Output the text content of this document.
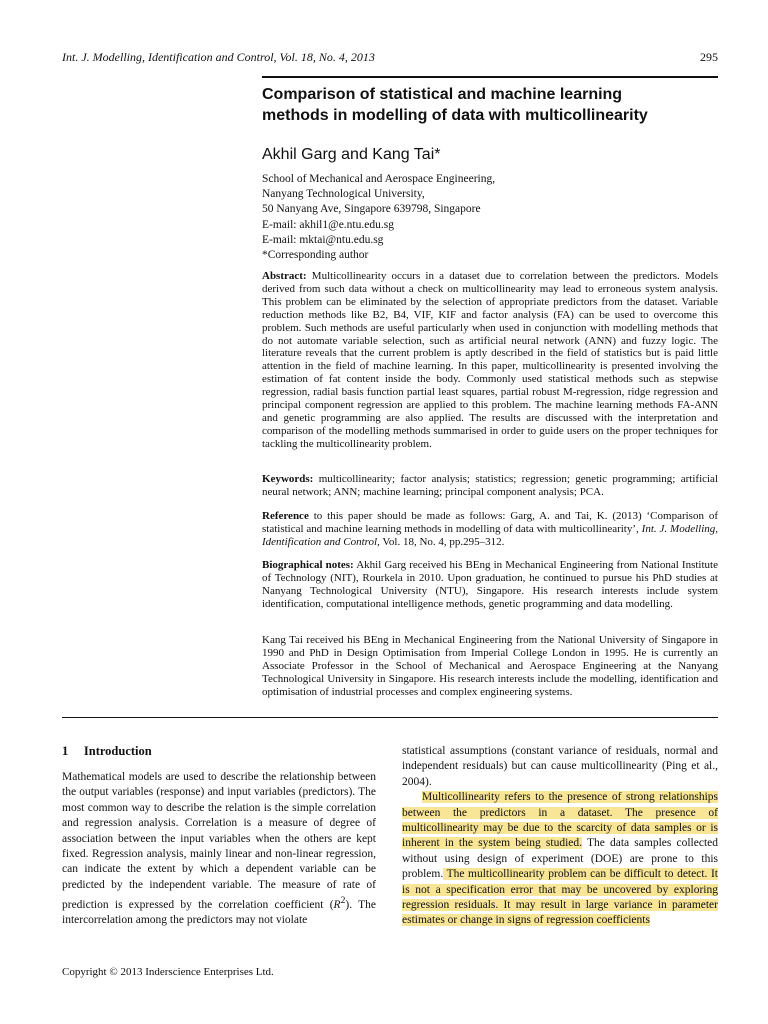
Int. J. Modelling, Identification and Control, Vol. 18, No. 4, 2013	295
Comparison of statistical and machine learning
methods in modelling of data with multicollinearity
Akhil Garg and Kang Tai*
School of Mechanical and Aerospace Engineering,
Nanyang Technological University,
50 Nanyang Ave, Singapore 639798, Singapore
E-mail: akhil1@e.ntu.edu.sg
E-mail: mktai@ntu.edu.sg
*Corresponding author
Abstract: Multicollinearity occurs in a dataset due to correlation between the predictors. Models derived from such data without a check on multicollinearity may lead to erroneous system analysis. This problem can be eliminated by the selection of appropriate predictors from the dataset. Variable reduction methods like B2, B4, VIF, KIF and factor analysis (FA) can be used to overcome this problem. Such methods are useful particularly when used in conjunction with modelling methods that do not automate variable selection, such as artificial neural network (ANN) and fuzzy logic. The literature reveals that the current problem is aptly described in the field of statistics but is paid little attention in the field of machine learning. In this paper, multicollinearity is presented involving the estimation of fat content inside the body. Commonly used statistical methods such as stepwise regression, radial basis function partial least squares, partial robust M-regression, ridge regression and principal component regression are applied to this problem. The machine learning methods FA-ANN and genetic programming are also applied. The results are discussed with the interpretation and comparison of the modelling methods summarised in order to guide users on the proper techniques for tackling the multicollinearity problem.
Keywords: multicollinearity; factor analysis; statistics; regression; genetic programming; artificial neural network; ANN; machine learning; principal component analysis; PCA.
Reference to this paper should be made as follows: Garg, A. and Tai, K. (2013) ‘Comparison of statistical and machine learning methods in modelling of data with multicollinearity’, Int. J. Modelling, Identification and Control, Vol. 18, No. 4, pp.295–312.
Biographical notes: Akhil Garg received his BEng in Mechanical Engineering from National Institute of Technology (NIT), Rourkela in 2010. Upon graduation, he continued to pursue his PhD studies at Nanyang Technological University (NTU), Singapore. His research interests include system identification, computational intelligence methods, genetic programming and data modelling.
Kang Tai received his BEng in Mechanical Engineering from the National University of Singapore in 1990 and PhD in Design Optimisation from Imperial College London in 1995. He is currently an Associate Professor in the School of Mechanical and Aerospace Engineering at the Nanyang Technological University in Singapore. His research interests include the modelling, identification and optimisation of industrial processes and complex engineering systems.
1 Introduction
Mathematical models are used to describe the relationship between the output variables (response) and input variables (predictors). The most common way to describe the relation is the simple correlation and regression analysis. Correlation is a measure of degree of association between the input variables when the others are kept fixed. Regression analysis, mainly linear and non-linear regression, can indicate the extent by which a dependent variable can be predicted by the independent variable. The measure of rate of prediction is expressed by the correlation coefficient $(R^2)$. The intercorrelation among the predictors may not violate
statistical assumptions (constant variance of residuals, normal and independent residuals) but can cause multicollinearity (Ping et al., 2004).
Multicollinearity refers to the presence of strong relationships between the predictors in a dataset. The presence of multicollinearity may be due to the scarcity of data samples or is inherent in the system being studied. The data samples collected without using design of experiment (DOE) are prone to this problem. The multicollinearity problem can be difficult to detect. It is not a specification error that may be uncovered by exploring regression residuals. It may result in large variance in parameter estimates or change in signs of regression coefficients
Copyright © 2013 Inderscience Enterprises Ltd.
